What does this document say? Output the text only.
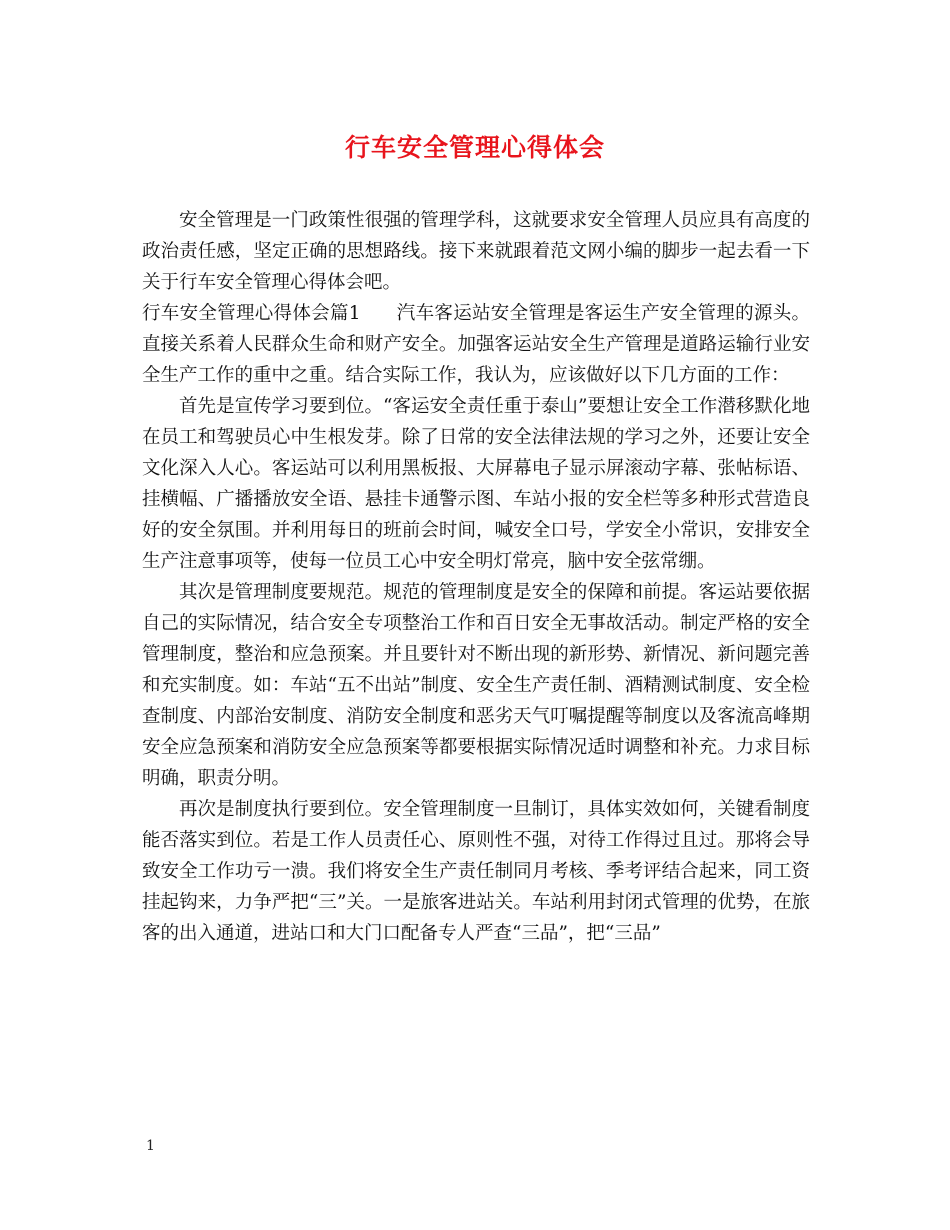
行车安全管理心得体会

安全管理是一门政策性很强的管理学科，这就要求安全管理人员应具有高度的政治责任感，坚定正确的思想路线。接下来就跟着范文网小编的脚步一起去看一下关于行车安全管理心得体会吧。

行车安全管理心得体会篇1 汽车客运站安全管理是客运生产安全管理的源头。直接关系着人民群众生命和财产安全。加强客运站安全生产管理是道路运输行业安全生产工作的重中之重。结合实际工作，我认为，应该做好以下几方面的工作：

首先是宣传学习要到位。“客运安全责任重于泰山”要想让安全工作潜移默化地在员工和驾驶员心中生根发芽。除了日常的安全法律法规的学习之外，还要让安全文化深入人心。客运站可以利用黑板报、大屏幕电子显示屏滚动字幕、张帖标语、挂横幅、广播播放安全语、悬挂卡通警示图、车站小报的安全栏等多种形式营造良好的安全氛围。并利用每日的班前会时间，喊安全口号，学安全小常识，安排安全生产注意事项等，使每一位员工心中安全明灯常亮，脑中安全弦常绷。

其次是管理制度要规范。规范的管理制度是安全的保障和前提。客运站要依据自己的实际情况，结合安全专项整治工作和百日安全无事故活动。制定严格的安全管理制度，整治和应急预案。并且要针对不断出现的新形势、新情况、新问题完善和充实制度。如：车站“五不出站”制度、安全生产责任制、酒精测试制度、安全检查制度、内部治安制度、消防安全制度和恶劣天气叮嘱提醒等制度以及客流高峰期安全应急预案和消防安全应急预案等都要根据实际情况适时调整和补充。力求目标明确，职责分明。

再次是制度执行要到位。安全管理制度一旦制订，具体实效如何，关键看制度能否落实到位。若是工作人员责任心、原则性不强，对待工作得过且过。那将会导致安全工作功亏一溃。我们将安全生产责任制同月考核、季考评结合起来，同工资挂起钩来，力争严把“三”关。一是旅客进站关。车站利用封闭式管理的优势，在旅客的出入通道，进站口和大门口配备专人严查“三品”，把“三品”

1
